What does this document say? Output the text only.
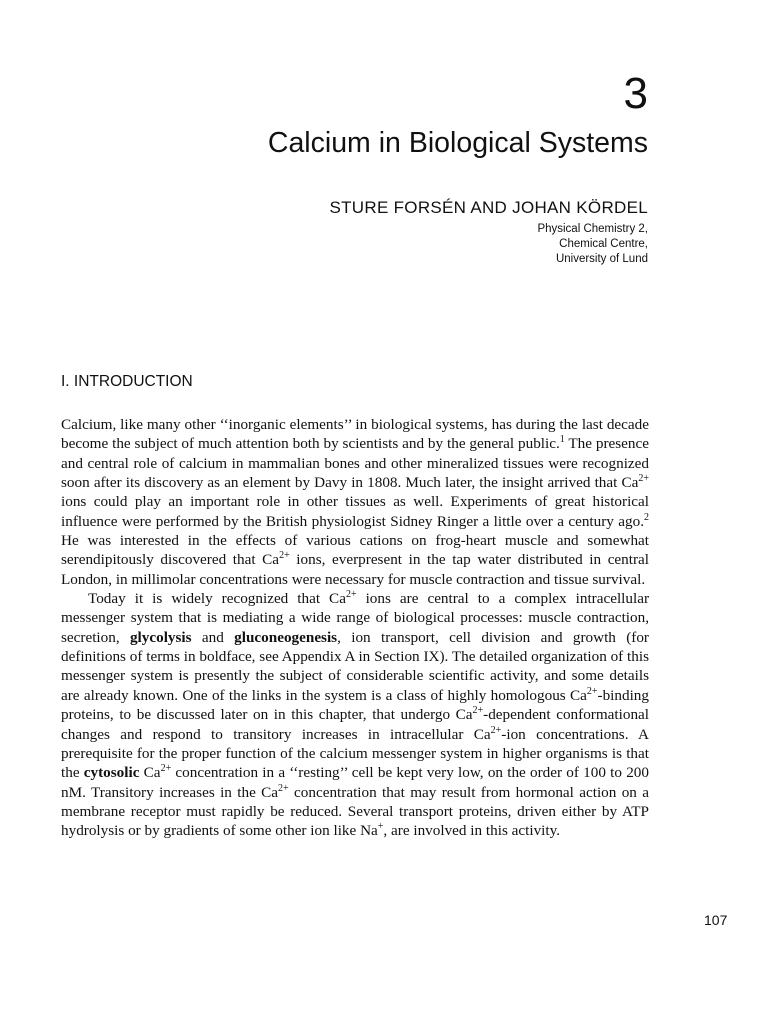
3
Calcium in Biological Systems
STURE FORSÉN AND JOHAN KÖRDEL
Physical Chemistry 2,
Chemical Centre,
University of Lund
I. INTRODUCTION

Calcium, like many other ‘‘inorganic elements’’ in biological systems, has during the last decade become the subject of much attention both by scientists and by the general public.$^1$ The presence and central role of calcium in mammalian bones and other mineralized tissues were recognized soon after its discovery as an element by Davy in 1808. Much later, the insight arrived that $Ca^{2+}$ ions could play an important role in other tissues as well. Experiments of great historical influence were performed by the British physiologist Sidney Ringer a little over a century ago.$^2$ He was interested in the effects of various cations on frog-heart muscle and somewhat serendipitously discovered that $Ca^{2+}$ ions, everpresent in the tap water distributed in central London, in millimolar concentrations were necessary for muscle contraction and tissue survival.

Today it is widely recognized that $Ca^{2+}$ ions are central to a complex intracellular messenger system that is mediating a wide range of biological processes: muscle contraction, secretion, glycolysis and gluconeogenesis, ion transport, cell division and growth (for definitions of terms in boldface, see Appendix A in Section IX). The detailed organization of this messenger system is presently the subject of considerable scientific activity, and some details are already known. One of the links in the system is a class of highly homologous $Ca^{2+}$-binding proteins, to be discussed later on in this chapter, that undergo $Ca^{2+}$-dependent conformational changes and respond to transitory increases in intracellular $Ca^{2+}$-ion concentrations. A prerequisite for the proper function of the calcium messenger system in higher organisms is that the cytosolic $Ca^{2+}$ concentration in a ‘‘resting’’ cell be kept very low, on the order of 100 to 200 nM. Transitory increases in the $Ca^{2+}$ concentration that may result from hormonal action on a membrane receptor must rapidly be reduced. Several transport proteins, driven either by ATP hydrolysis or by gradients of some other ion like Na+, are involved in this activity.

107
